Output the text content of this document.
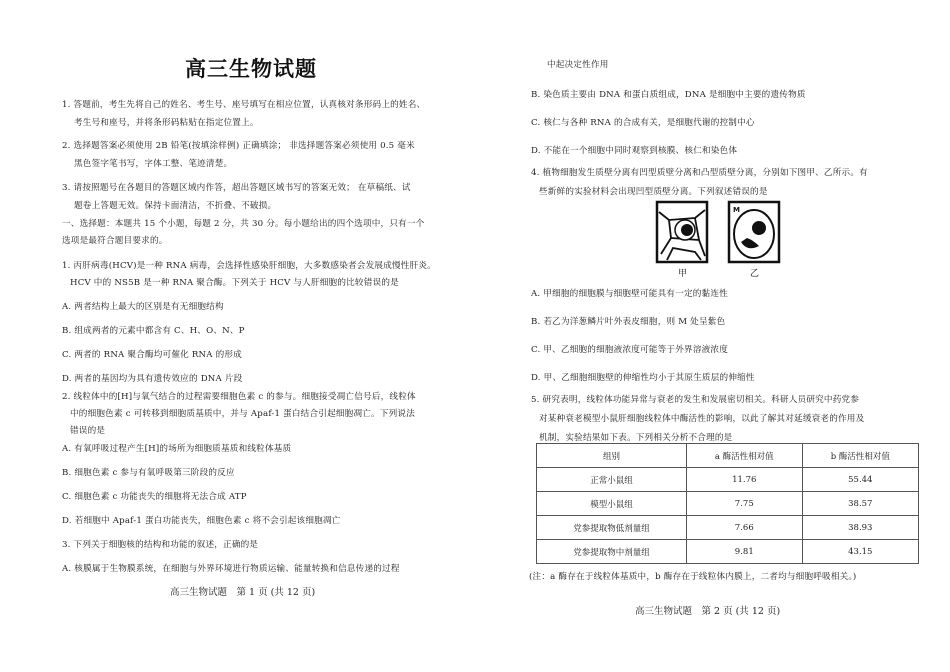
高三生物试题
1. 答题前，考生先将自己的姓名、考生号、座号填写在相应位置，认真核对条形码上的姓名、
考生号和座号，并将条形码粘贴在指定位置上。
2. 选择题答案必须使用 2B 铅笔(按填涂样例) 正确填涂； 非选择题答案必须使用 0.5 毫米
黑色签字笔书写，字体工整、笔迹清楚。
3. 请按照题号在各题目的答题区域内作答，超出答题区域书写的答案无效； 在草稿纸、试
题卷上答题无效。保持卡面清洁，不折叠、不破损。
一、选择题：本题共 15 个小题，每题 2 分，共 30 分。每小题给出的四个选项中，只有一个
选项是最符合题目要求的。
1. 丙肝病毒(HCV)是一种 RNA 病毒，会选择性感染肝细胞，大多数感染者会发展成慢性肝炎。
HCV 中的 NS5B 是一种 RNA 聚合酶。下列关于 HCV 与人肝细胞的比较错误的是
A. 两者结构上最大的区别是有无细胞结构
B. 组成两者的元素中都含有 C、H、O、N、P
C. 两者的 RNA 聚合酶均可催化 RNA 的形成
D. 两者的基因均为具有遗传效应的 DNA 片段
2. 线粒体中的[H]与氧气结合的过程需要细胞色素 c 的参与。细胞接受凋亡信号后，线粒体
中的细胞色素 c 可转移到细胞质基质中，并与 Apaf-1 蛋白结合引起细胞凋亡。下列说法
错误的是
A. 有氧呼吸过程产生[H]的场所为细胞质基质和线粒体基质
B. 细胞色素 c 参与有氧呼吸第三阶段的反应
C. 细胞色素 c 功能丧失的细胞将无法合成 ATP
D. 若细胞中 Apaf-1 蛋白功能丧失，细胞色素 c 将不会引起该细胞凋亡
3. 下列关于细胞核的结构和功能的叙述，正确的是
A. 核膜属于生物膜系统，在细胞与外界环境进行物质运输、能量转换和信息传递的过程
高三生物试题　第 1 页 (共 12 页)
中起决定性作用
B. 染色质主要由 DNA 和蛋白质组成，DNA 是细胞中主要的遗传物质
C. 核仁与各种 RNA 的合成有关，是细胞代谢的控制中心
D. 不能在一个细胞中同时观察到核膜、核仁和染色体
4. 植物细胞发生质壁分离有凹型质壁分离和凸型质壁分离，分别如下图甲、乙所示。有
些新鲜的实验材料会出现凹型质壁分离。下列叙述错误的是
M
甲	乙
A. 甲细胞的细胞膜与细胞壁可能具有一定的黏连性
B. 若乙为洋葱鳞片叶外表皮细胞，则 M 处呈紫色
C. 甲、乙细胞的细胞液浓度可能等于外界溶液浓度
D. 甲、乙细胞细胞壁的伸缩性均小于其原生质层的伸缩性
5. 研究表明，线粒体功能异常与衰老的发生和发展密切相关。科研人员研究中药党参
对某种衰老模型小鼠肝细胞线粒体中酶活性的影响，以此了解其对延缓衰老的作用及
机制，实验结果如下表。下列相关分析不合理的是
组别	a 酶活性相对值	b 酶活性相对值
正常小鼠组	11.76	55.44
模型小鼠组	7.75	38.57
党参提取物低剂量组	7.66	38.93
党参提取物中剂量组	9.81	43.15
(注：a 酶存在于线粒体基质中，b 酶存在于线粒体内膜上，二者均与细胞呼吸相关。)
高三生物试题　第 2 页 (共 12 页)
